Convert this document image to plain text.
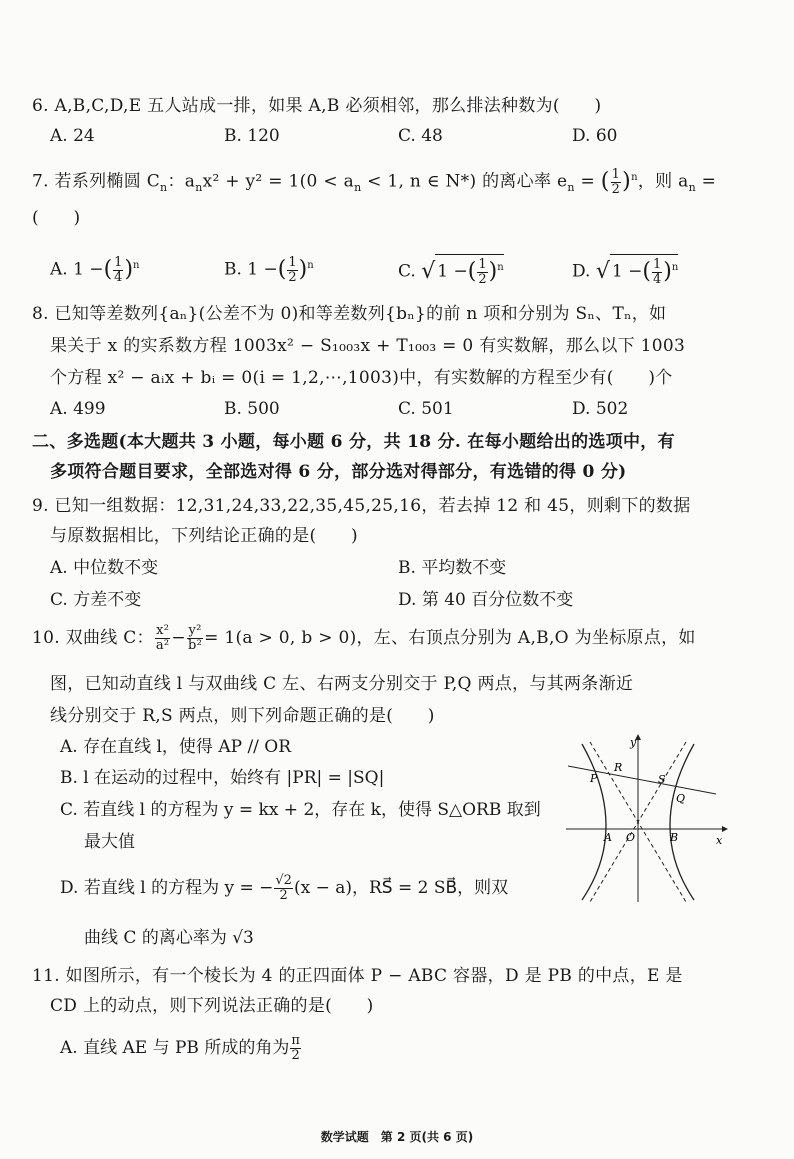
6. A,B,C,D,E 五人站成一排，如果 A,B 必须相邻，那么排法种数为(　　)
A. 24	B. 120	C. 48	D. 60
7. 若系列椭圆 $C_n$：$a_nx^2 + y^2 = 1(0 < a_n < 1$, n ∈ N*) 的离心率 $e_n$ = ( $\frac{1}{2} )^n$，则 $a_n$ =
(　　)
A. 1 −( $\frac{1}{4} )^n$	B. 1 −( $\frac{1}{2} )^n$	C. √ 1 −( $\frac{1}{2} )^n$	D. √ 1 −( $\frac{1}{4} )^n$
8. 已知等差数列{aₙ}(公差不为 0)和等差数列{bₙ}的前 n 项和分别为 Sₙ、Tₙ，如
果关于 x 的实系数方程 1003x² − S₁₀₀₃x + T₁₀₀₃ = 0 有实数解，那么以下 1003
个方程 x² − aᵢx + bᵢ = 0(i = 1,2,⋯,1003)中，有实数解的方程至少有(　　)个
A. 499	B. 500	C. 501	D. 502
二、多选题(本大题共 3 小题，每小题 6 分，共 18 分. 在每小题给出的选项中，有
多项符合题目要求，全部选对得 6 分，部分选对得部分，有选错的得 0 分)
9. 已知一组数据：12,31,24,33,22,35,45,25,16，若去掉 12 和 45，则剩下的数据
与原数据相比，下列结论正确的是(　　)
A. 中位数不变	B. 平均数不变
C. 方差不变	D. 第 40 百分位数不变
10. 双曲线 C： $\frac{\text{x²}}{\text{a²}} - \frac{\text{y²}}{\text{b²}} = 1(a > 0$, b > 0)，左、右顶点分别为 A,B,O 为坐标原点，如
图，已知动直线 l 与双曲线 C 左、右两支分别交于 P,Q 两点，与其两条渐近
线分别交于 R,S 两点，则下列命题正确的是(　　)
A. 存在直线 l，使得 AP // OR
B. l 在运动的过程中，始终有 |PR| = |SQ|
C. 若直线 l 的方程为 y = kx + 2，存在 k，使得 S△ORB 取到
最大值
D. 若直线 l 的方程为 y = − $\frac{√2}{2} (x - a)$，RS⃗ = 2 SB⃗，则双
曲线 C 的离心率为 √3
y
x
P
R
S
Q
A O	B
11. 如图所示，有一个棱长为 4 的正四面体 P − ABC 容器，D 是 PB 的中点，E 是
CD 上的动点，则下列说法正确的是(　　)
A. 直线 AE 与 PB 所成的角为 $\frac{\pi}{2}$
数学试题　第 2 页(共 6 页)
